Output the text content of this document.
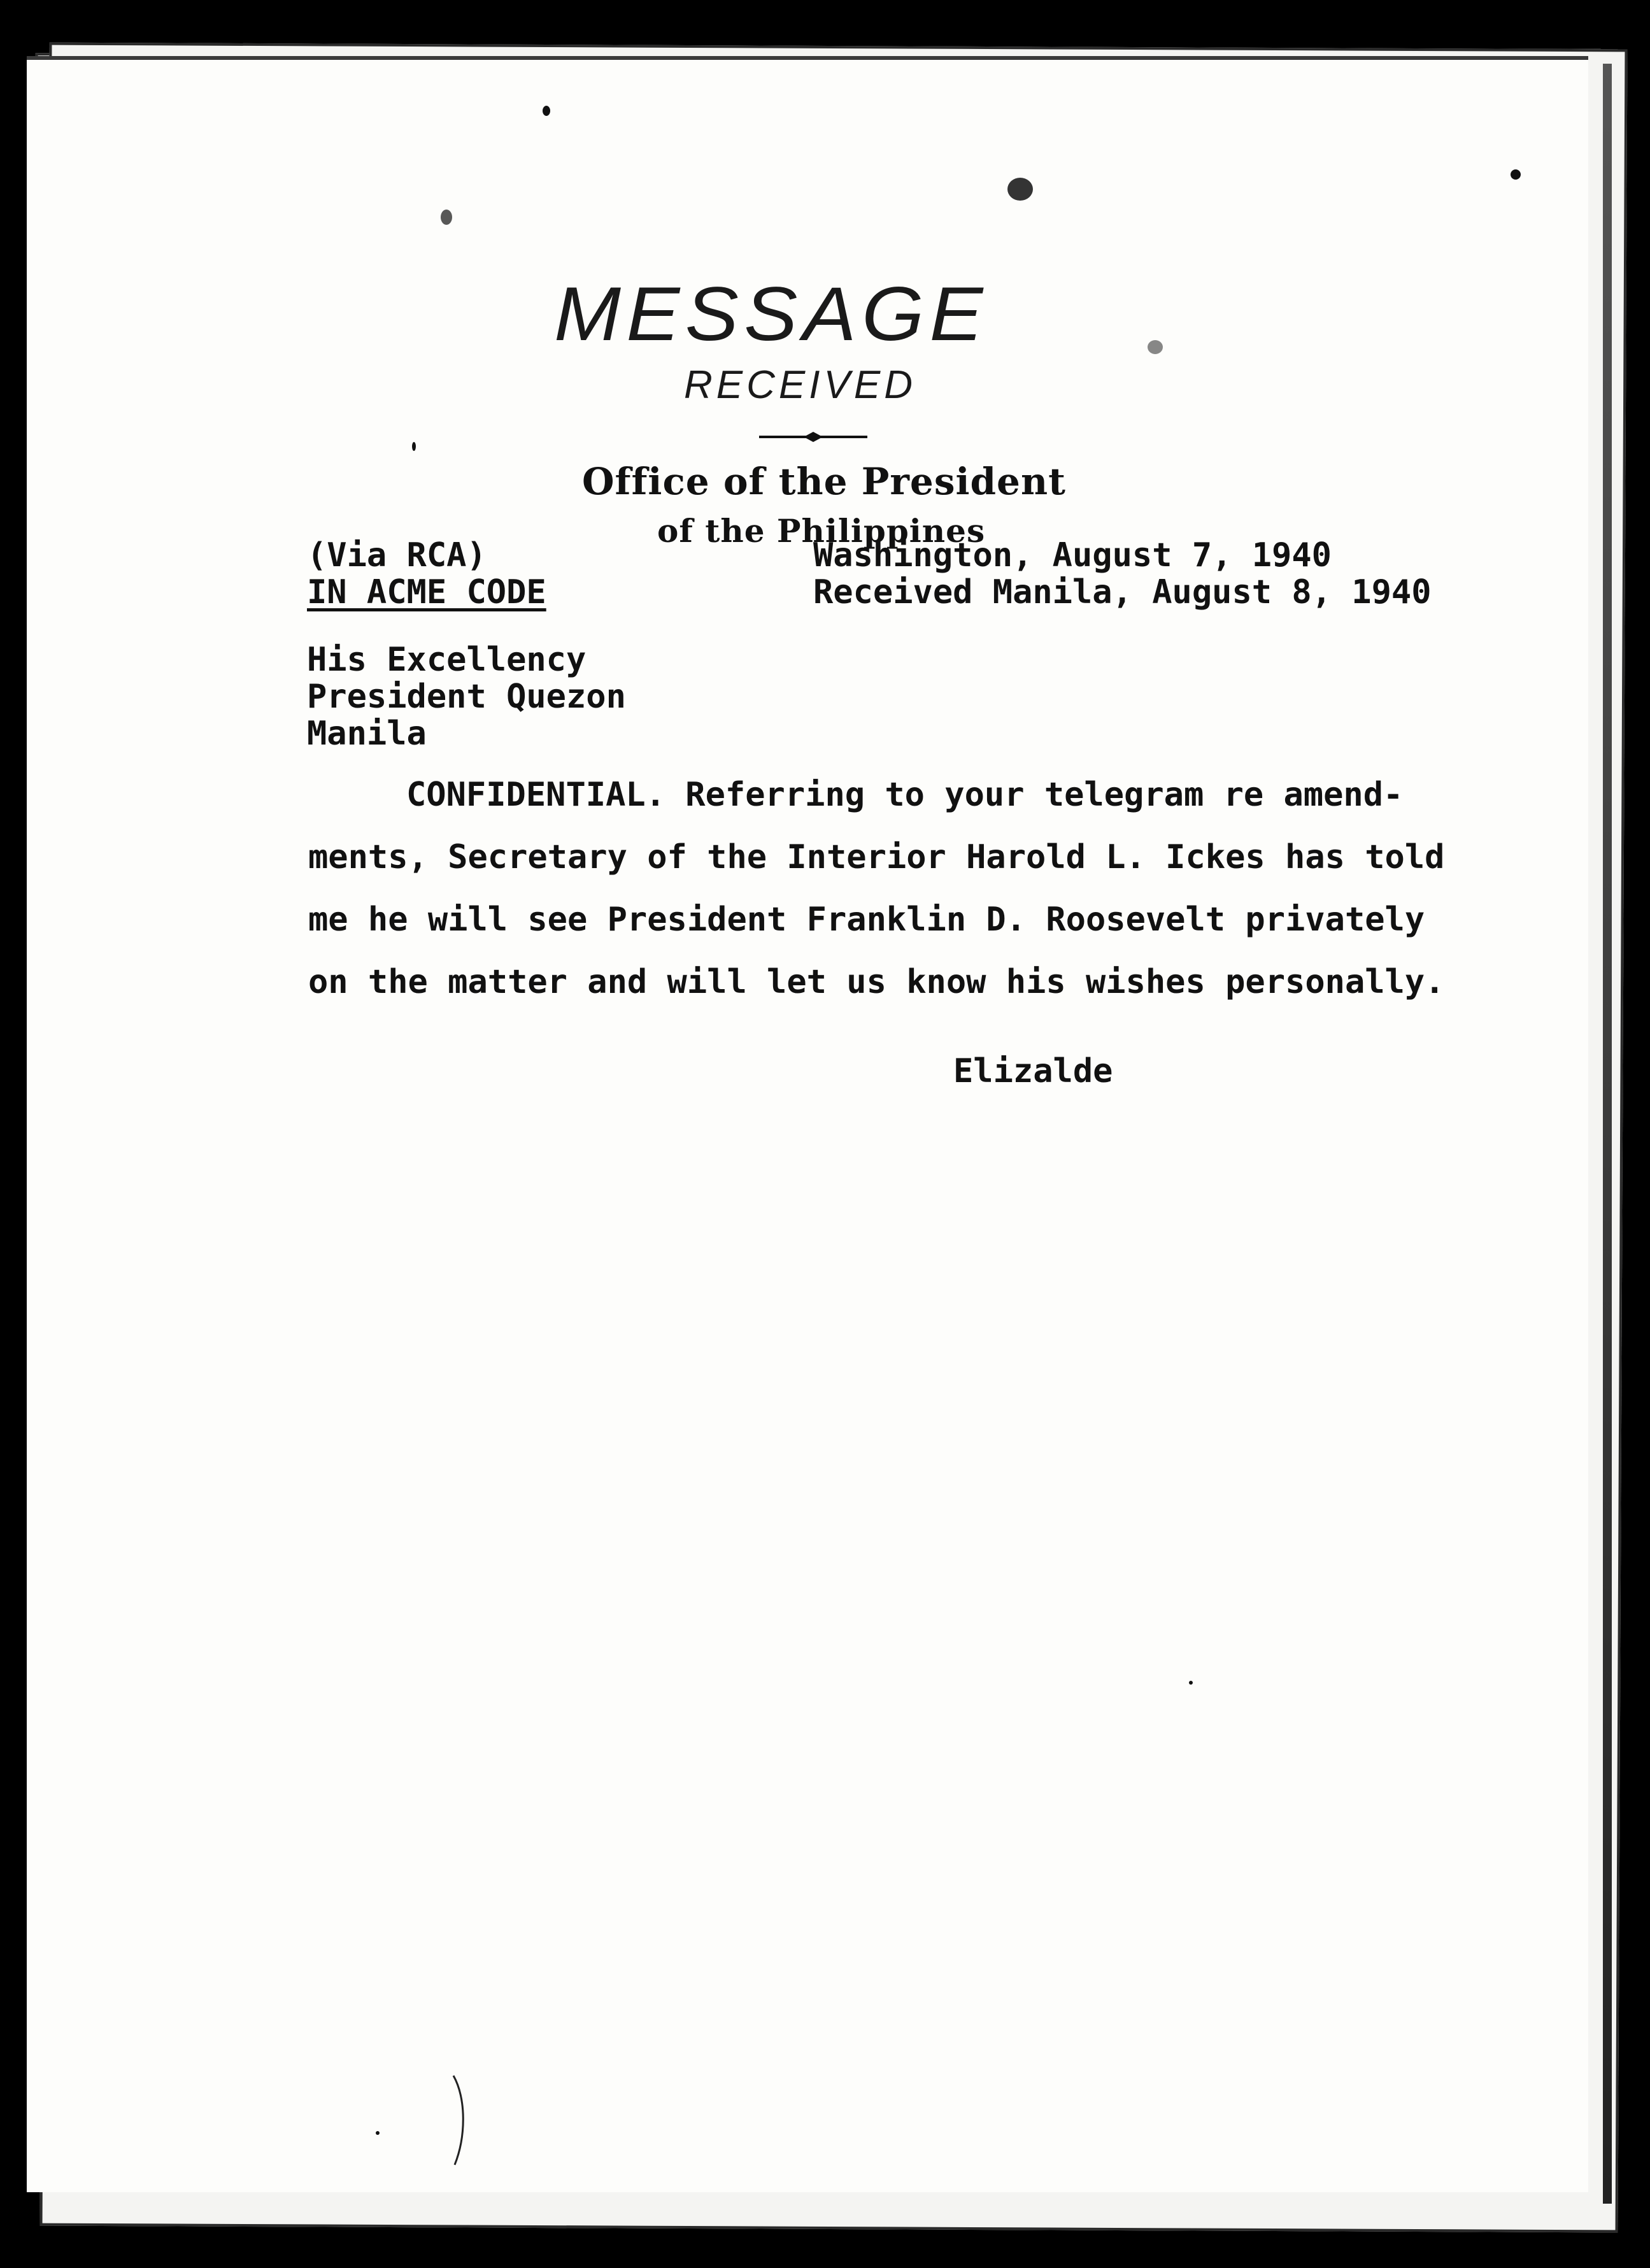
MESSAGE
RECEIVED
Office of the President
of the Philippines
(Via RCA)
IN ACME CODE
Washington, August 7, 1940
Received Manila, August 8, 1940
His Excellency
President Quezon
Manila
CONFIDENTIAL. Referring to your telegram re amend-
ments, Secretary of the Interior Harold L. Ickes has told
me he will see President Franklin D. Roosevelt privately
on the matter and will let us know his wishes personally.
Elizalde
